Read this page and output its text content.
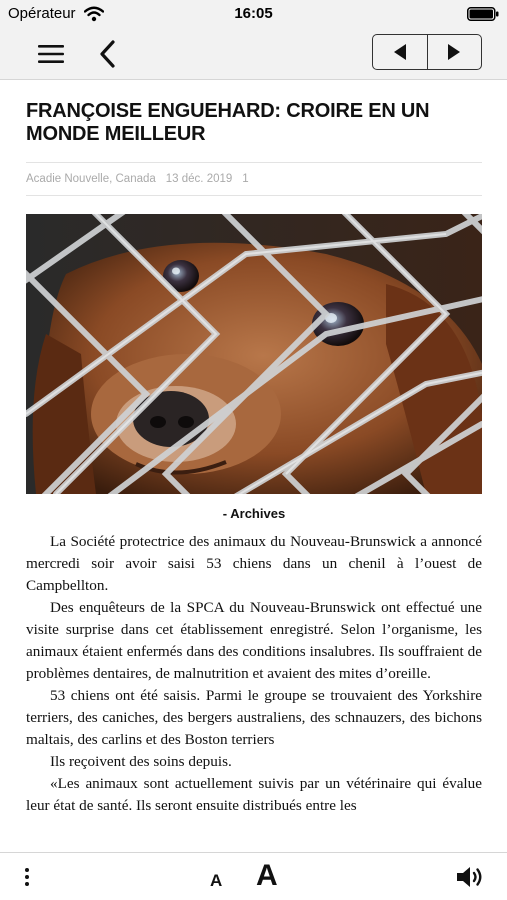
Opérateur	16:05
FRANÇOISE ENGUEHARD: CROIRE EN UN MONDE MEILLEUR
Acadie Nouvelle, Canada 13 déc. 2019 1
- Archives

La Société protectrice des animaux du Nouveau-Brunswick a annoncé mercredi soir avoir saisi 53 chiens dans un chenil à l’ouest de Campbellton.

Des enquêteurs de la SPCA du Nouveau-Brunswick ont effectué une visite surprise dans cet établissement enregistré. Selon l’organisme, les animaux étaient enfermés dans des conditions insalubres. Ils souffraient de problèmes dentaires, de malnutrition et avaient des mites d’oreille.

53 chiens ont été saisis. Parmi le groupe se trouvaient des Yorkshire terriers, des caniches, des bergers australiens, des schnauzers, des bichons maltais, des carlins et des Boston terriers

Ils reçoivent des soins depuis.

«Les animaux sont actuellement suivis par un vétérinaire qui évalue leur état de santé. Ils seront ensuite distribués entre les

A A
